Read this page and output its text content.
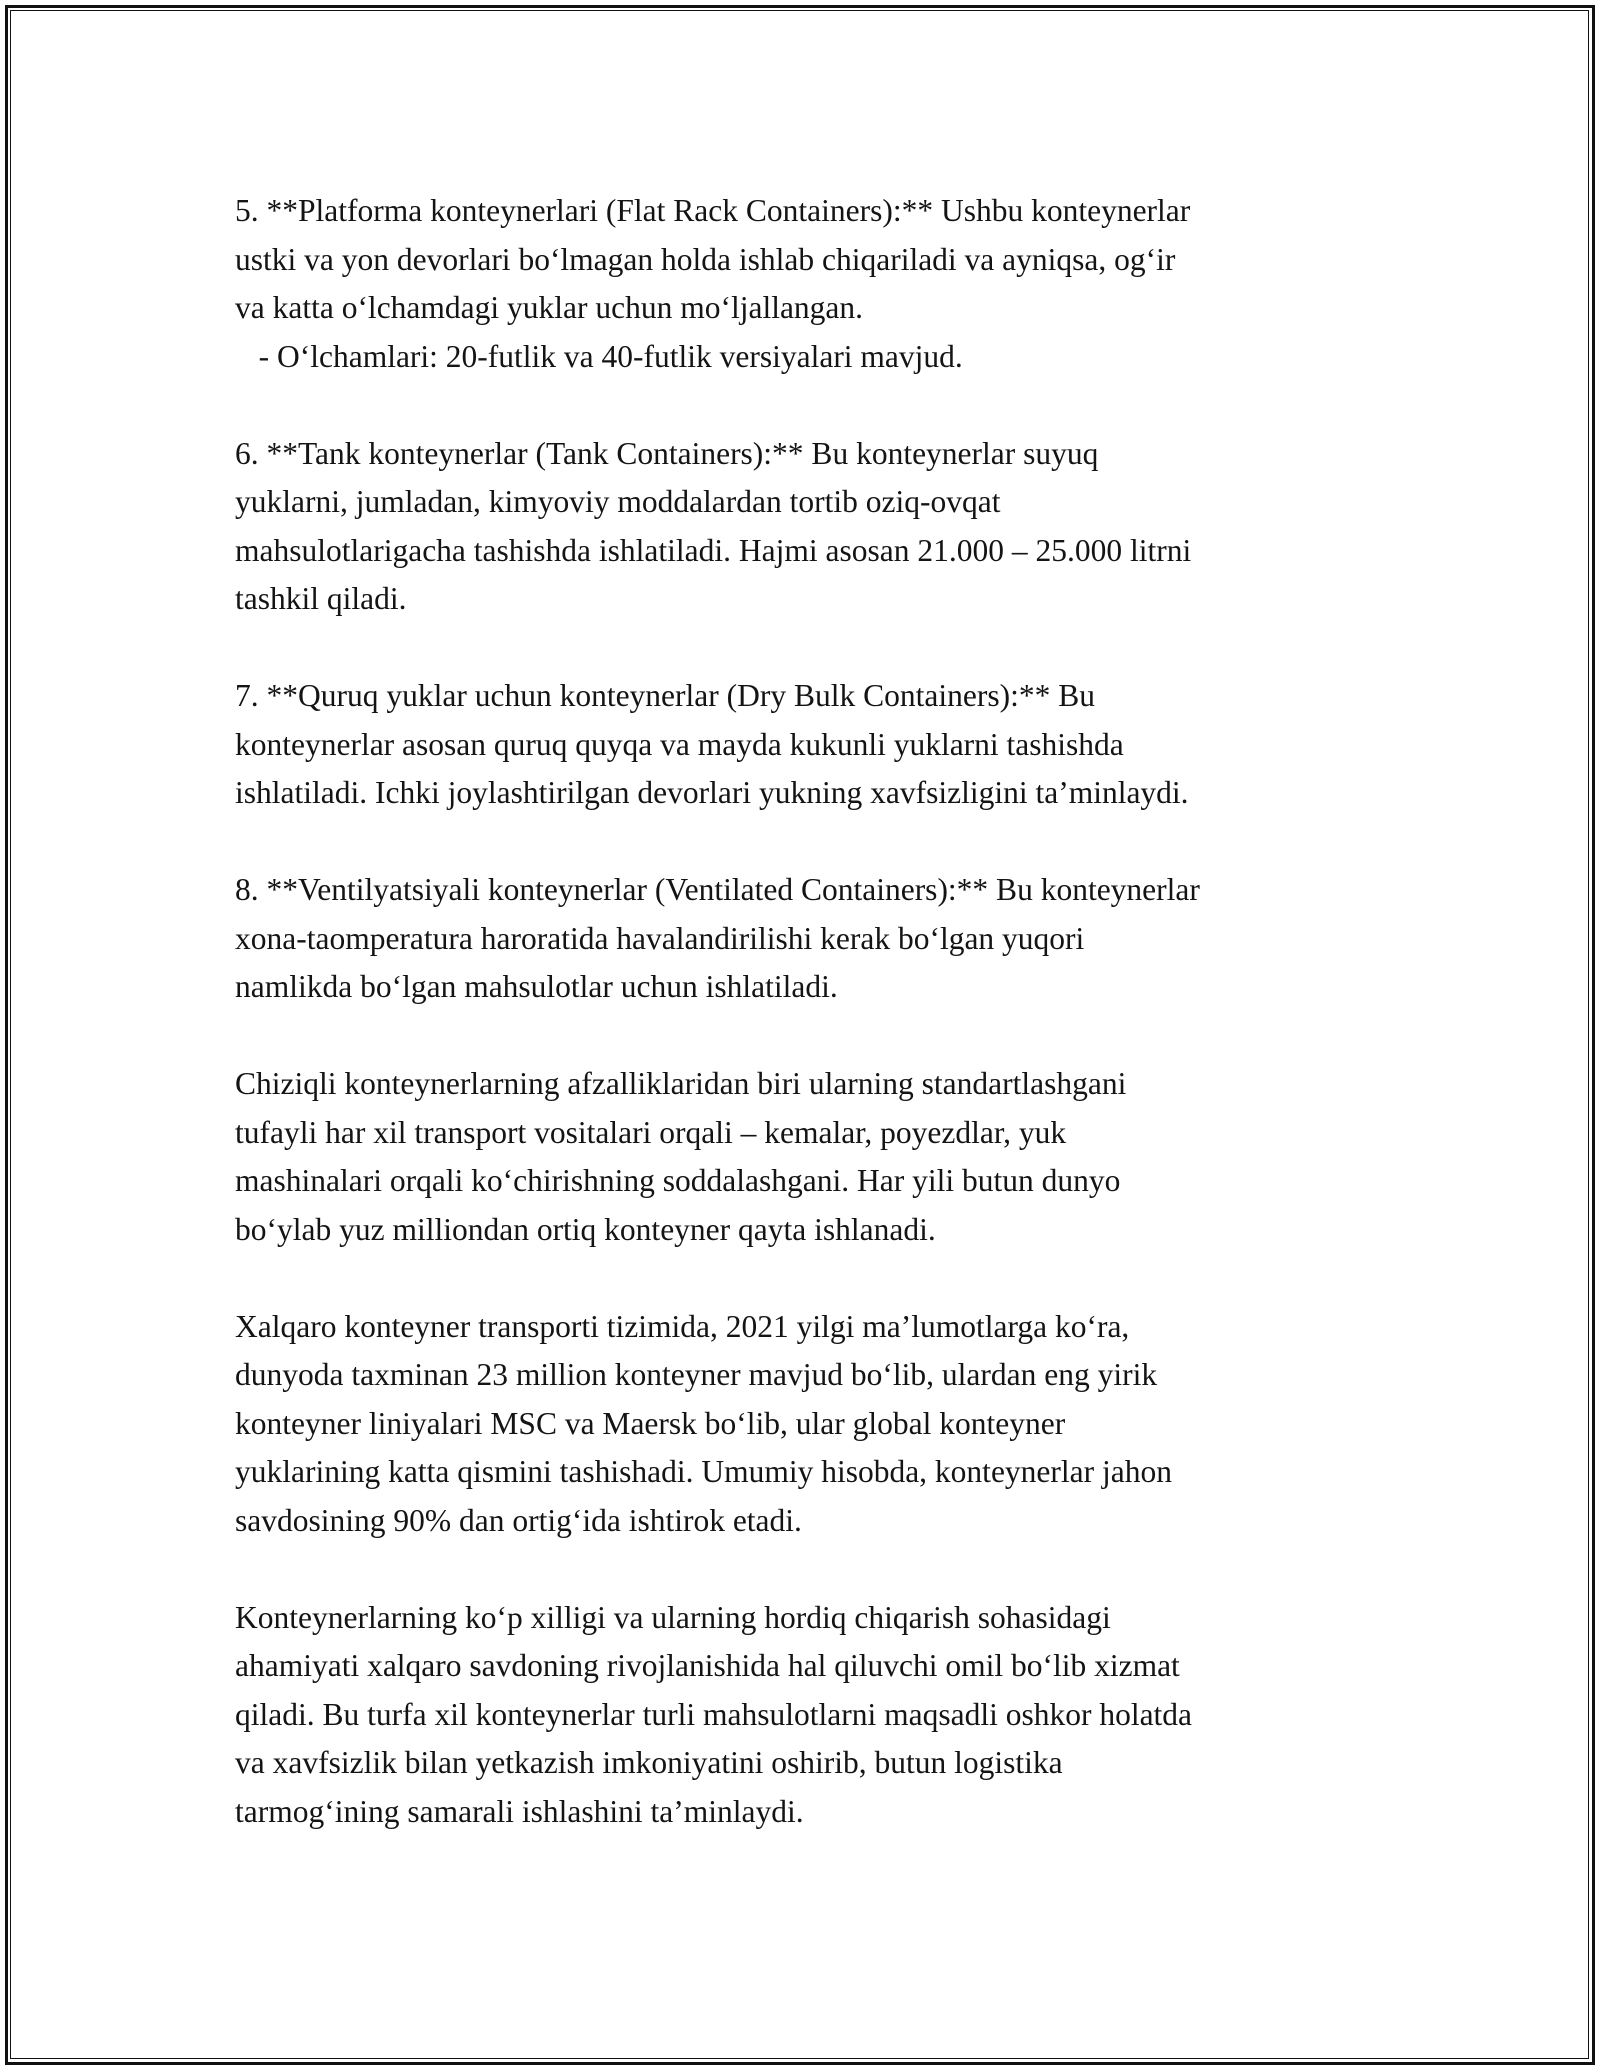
5. **Platforma konteynerlari (Flat Rack Containers):** Ushbu konteynerlar
ustki va yon devorlari bo‘lmagan holda ishlab chiqariladi va ayniqsa, og‘ir
va katta o‘lchamdagi yuklar uchun mo‘ljallangan.
- O‘lchamlari: 20-futlik va 40-futlik versiyalari mavjud.

6. **Tank konteynerlar (Tank Containers):** Bu konteynerlar suyuq
yuklarni, jumladan, kimyoviy moddalardan tortib oziq-ovqat
mahsulotlarigacha tashishda ishlatiladi. Hajmi asosan 21.000 – 25.000 litrni
tashkil qiladi.

7. **Quruq yuklar uchun konteynerlar (Dry Bulk Containers):** Bu
konteynerlar asosan quruq quyqa va mayda kukunli yuklarni tashishda
ishlatiladi. Ichki joylashtirilgan devorlari yukning xavfsizligini ta’minlaydi.

8. **Ventilyatsiyali konteynerlar (Ventilated Containers):** Bu konteynerlar
xona-taomperatura haroratida havalandirilishi kerak bo‘lgan yuqori
namlikda bo‘lgan mahsulotlar uchun ishlatiladi.

Chiziqli konteynerlarning afzalliklaridan biri ularning standartlashgani
tufayli har xil transport vositalari orqali – kemalar, poyezdlar, yuk
mashinalari orqali ko‘chirishning soddalashgani. Har yili butun dunyo
bo‘ylab yuz milliondan ortiq konteyner qayta ishlanadi.

Xalqaro konteyner transporti tizimida, 2021 yilgi ma’lumotlarga ko‘ra,
dunyoda taxminan 23 million konteyner mavjud bo‘lib, ulardan eng yirik
konteyner liniyalari MSC va Maersk bo‘lib, ular global konteyner
yuklarining katta qismini tashishadi. Umumiy hisobda, konteynerlar jahon
savdosining 90% dan ortig‘ida ishtirok etadi.

Konteynerlarning ko‘p xilligi va ularning hordiq chiqarish sohasidagi
ahamiyati xalqaro savdoning rivojlanishida hal qiluvchi omil bo‘lib xizmat
qiladi. Bu turfa xil konteynerlar turli mahsulotlarni maqsadli oshkor holatda
va xavfsizlik bilan yetkazish imkoniyatini oshirib, butun logistika
tarmog‘ining samarali ishlashini ta’minlaydi.
